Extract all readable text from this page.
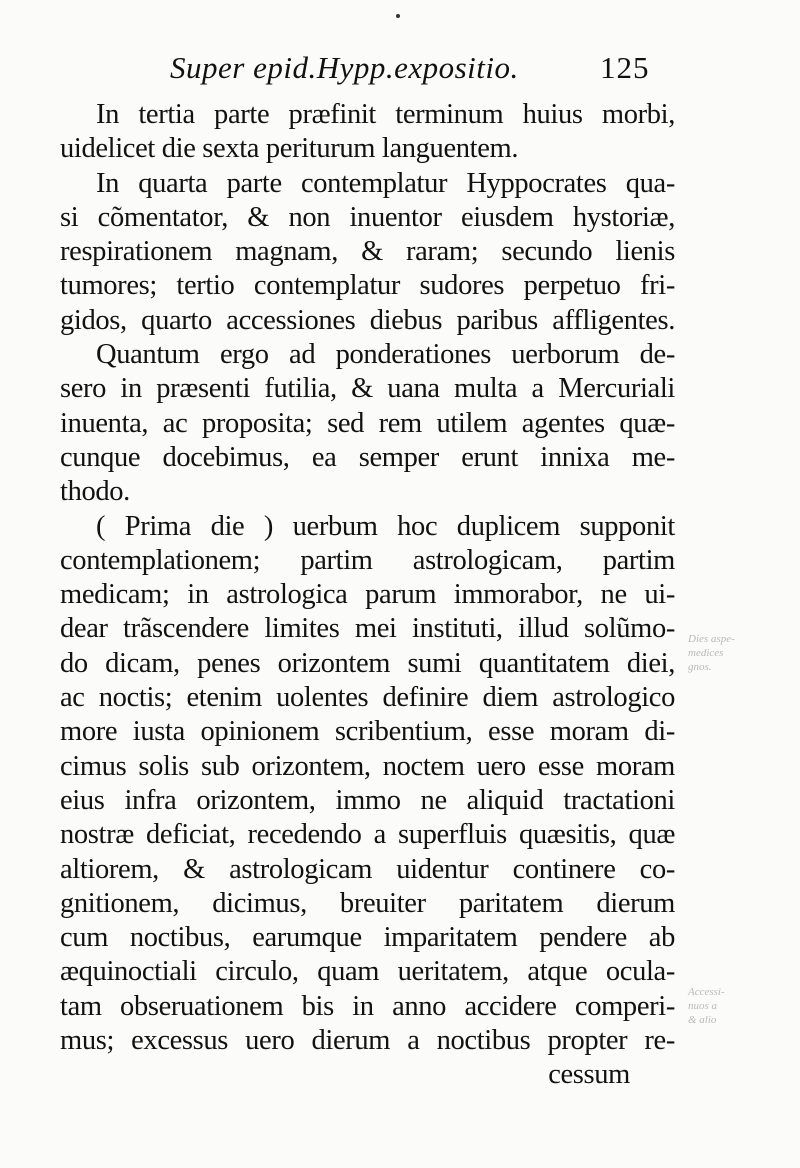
Super epid.Hypp.expositio.	125
In tertia parte præfinit terminum huius morbi,
uidelicet die sexta periturum languentem.
In quarta parte contemplatur Hyppocrates qua-
si cõmentator, & non inuentor eiusdem hystoriæ,
respirationem magnam, & raram; secundo lienis
tumores; tertio contemplatur sudores perpetuo fri-
gidos, quarto accessiones diebus paribus affligentes.
Quantum ergo ad ponderationes uerborum de-
sero in præsenti futilia, & uana multa a Mercuriali
inuenta, ac proposita; sed rem utilem agentes quæ-
cunque docebimus, ea semper erunt innixa me-
thodo.
( Prima die ) uerbum hoc duplicem supponit
contemplationem; partim astrologicam, partim
medicam; in astrologica parum immorabor, ne ui-
dear trãscendere limites mei instituti, illud solũmo-
do dicam, penes orizontem sumi quantitatem diei,
ac noctis; etenim uolentes definire diem astrologico
more iusta opinionem scribentium, esse moram di-
cimus solis sub orizontem, noctem uero esse moram
eius infra orizontem, immo ne aliquid tractationi
nostræ deficiat, recedendo a superfluis quæsitis, quæ
altiorem, & astrologicam uidentur continere co-
gnitionem, dicimus, breuiter paritatem dierum
cum noctibus, earumque imparitatem pendere ab
æquinoctiali circulo, quam ueritatem, atque ocula-
tam obseruationem bis in anno accidere comperi-
mus; excessus uero dierum a noctibus propter re-
cessum
Dies aspe-
medices
gnos.
Accessi-
nuos a
& alio
